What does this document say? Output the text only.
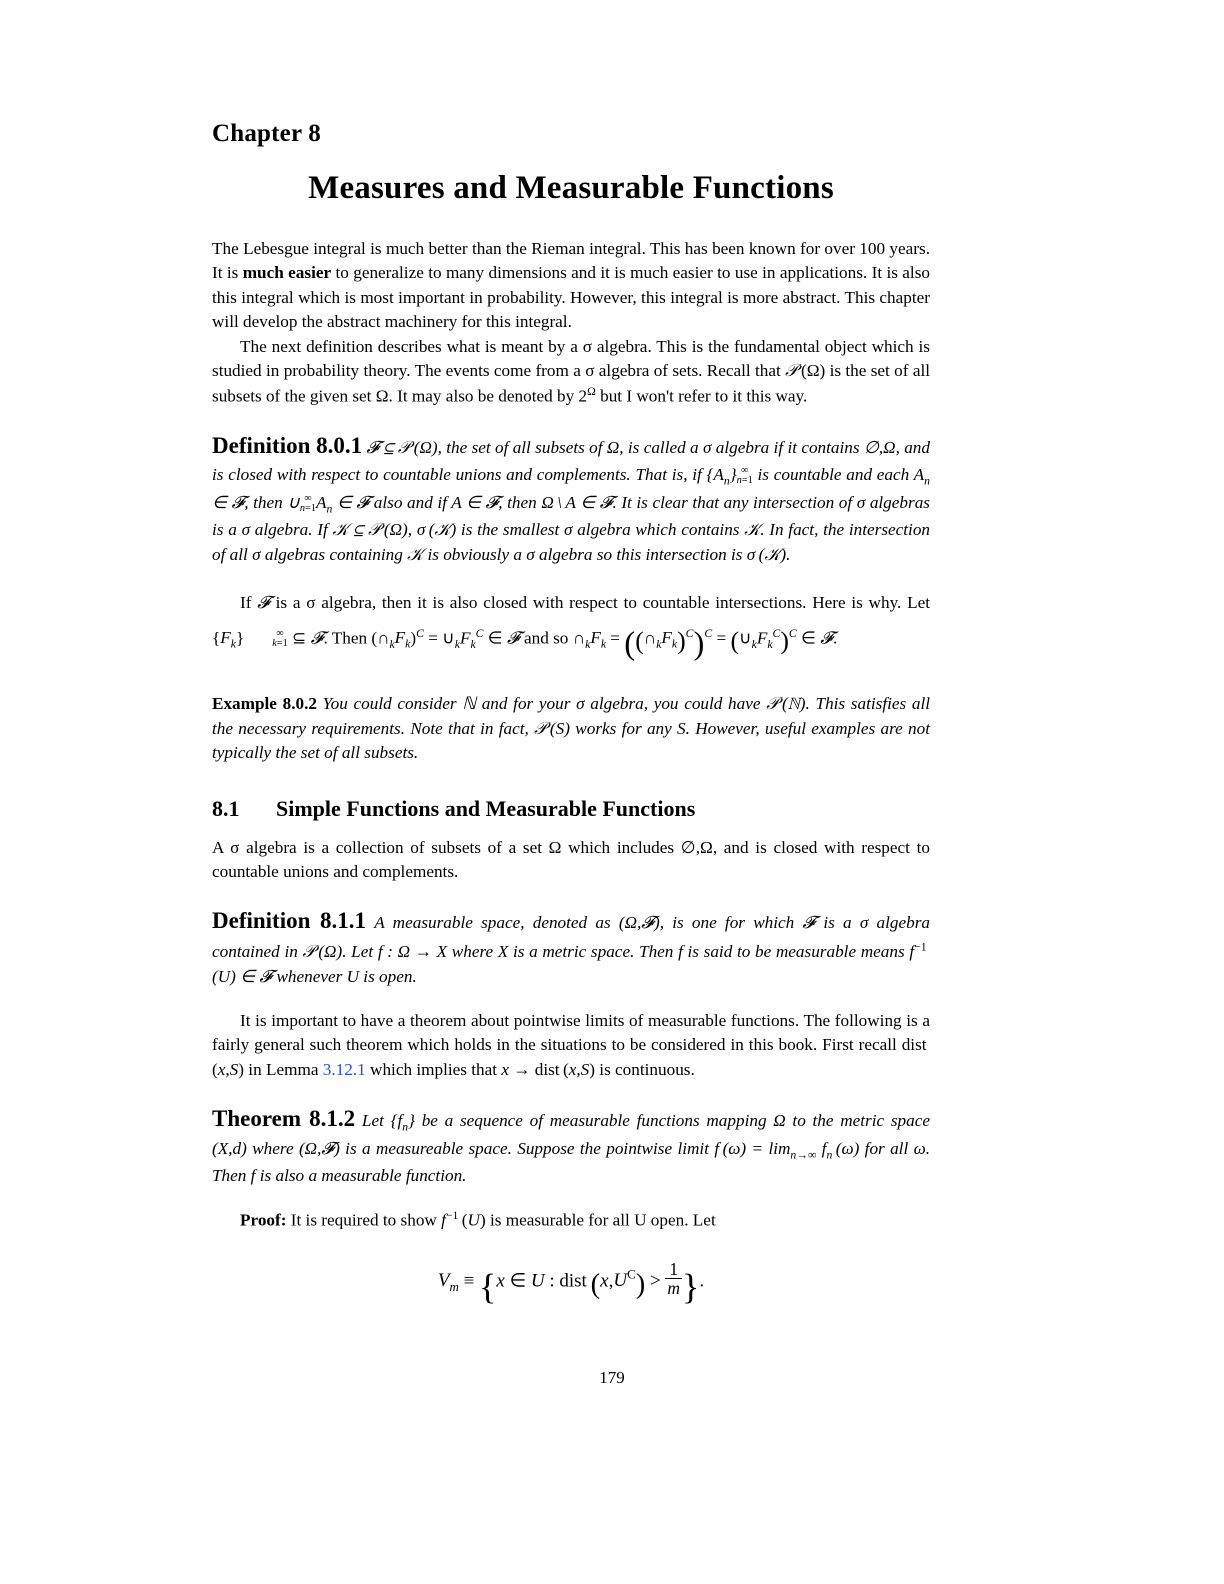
Chapter 8
Measures and Measurable Functions

The Lebesgue integral is much better than the Rieman integral. This has been known for over 100 years. It is much easier to generalize to many dimensions and it is much easier to use in applications. It is also this integral which is most important in probability. However, this integral is more abstract. This chapter will develop the abstract machinery for this integral.

The next definition describes what is meant by a σ algebra. This is the fundamental object which is studied in probability theory. The events come from a σ algebra of sets. Recall that 𝒫 (Ω) is the set of all subsets of the given set Ω. It may also be denoted by $2^\Omega$ but I won't refer to it this way.

Definition 8.0.1 𝓕 ⊆ 𝒫 (Ω), the set of all subsets of Ω, is called a σ algebra if it contains ∅,Ω, and is closed with respect to countable unions and complements. That is, if $\{A_n\}$ ∞
n=1 is countable and each $A_n$ ∈ 𝓕, then ∪ ∞
n=1 $A_n$ ∈ 𝓕 also and if A ∈ 𝓕, then Ω \ A ∈ 𝓕. It is clear that any intersection of σ algebras is a σ algebra. If 𝒦 ⊆ 𝒫 (Ω), σ (𝒦) is the smallest σ algebra which contains 𝒦. In fact, the intersection of all σ algebras containing 𝒦 is obviously a σ algebra so this intersection is σ (𝒦).

If 𝓕 is a σ algebra, then it is also closed with respect to countable intersections. Here is why. Let $\{F_k\}$	∞
k=1 ⊆ 𝓕. Then $(\cap_kF_k)^C$ = $\cup_kF_k^C$ ∈ 𝓕 and so $\cap_kF_k$ = $((\cap_kF_k)^C)^C$ = $(\cup_kF_k^C)^C$ ∈ 𝓕.

Example 8.0.2 You could consider ℕ and for your σ algebra, you could have 𝒫 (ℕ). This satisfies all the necessary requirements. Note that in fact, 𝒫 (S) works for any S. However, useful examples are not typically the set of all subsets.

8.1 Simple Functions and Measurable Functions

A σ algebra is a collection of subsets of a set Ω which includes ∅,Ω, and is closed with respect to countable unions and complements.

Definition 8.1.1 A measurable space, denoted as (Ω,𝓕), is one for which 𝓕 is a σ algebra contained in 𝒫 (Ω). Let f : Ω → X where X is a metric space. Then f is said to be measurable means $f^{-1}$ (U) ∈ 𝓕 whenever U is open.

It is important to have a theorem about pointwise limits of measurable functions. The following is a fairly general such theorem which holds in the situations to be considered in this book. First recall dist (x,S) in Lemma 3.12.1 which implies that x → dist (x,S) is continuous.

Theorem 8.1.2 Let $\{f_n\}$ be a sequence of measurable functions mapping Ω to the metric space (X,d) where (Ω,𝓕) is a measureable space. Suppose the pointwise limit f $(\omega) = \lim_{n\to\infty} f_n$ (ω) for all ω. Then f is also a measurable function.

Proof: It is required to show $f^{-1}$ (U) is measurable for all U open. Let

$V_m \equiv \{x$ ∈ U : dist $(x,U^C) > \frac{1}{m}$ }.
179
